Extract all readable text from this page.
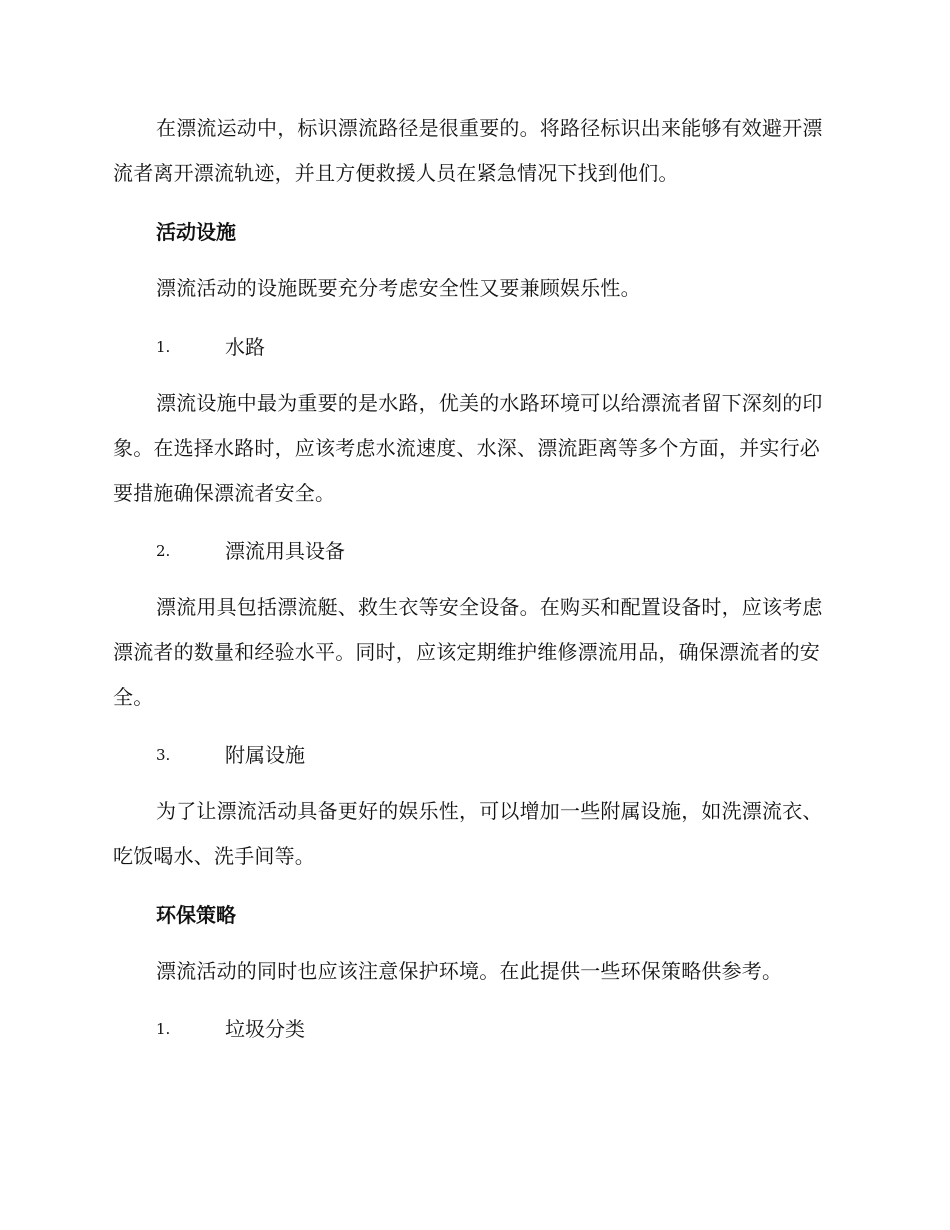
在漂流运动中，标识漂流路径是很重要的。将路径标识出来能够有效避开漂流者离开漂流轨迹，并且方便救援人员在紧急情况下找到他们。

活动设施

漂流活动的设施既要充分考虑安全性又要兼顾娱乐性。

1.	水路

漂流设施中最为重要的是水路，优美的水路环境可以给漂流者留下深刻的印象。在选择水路时，应该考虑水流速度、水深、漂流距离等多个方面，并实行必要措施确保漂流者安全。

2.	漂流用具设备

漂流用具包括漂流艇、救生衣等安全设备。在购买和配置设备时，应该考虑漂流者的数量和经验水平。同时，应该定期维护维修漂流用品，确保漂流者的安全。

3.	附属设施

为了让漂流活动具备更好的娱乐性，可以增加一些附属设施，如洗漂流衣、吃饭喝水、洗手间等。

环保策略

漂流活动的同时也应该注意保护环境。在此提供一些环保策略供参考。

1.	垃圾分类
